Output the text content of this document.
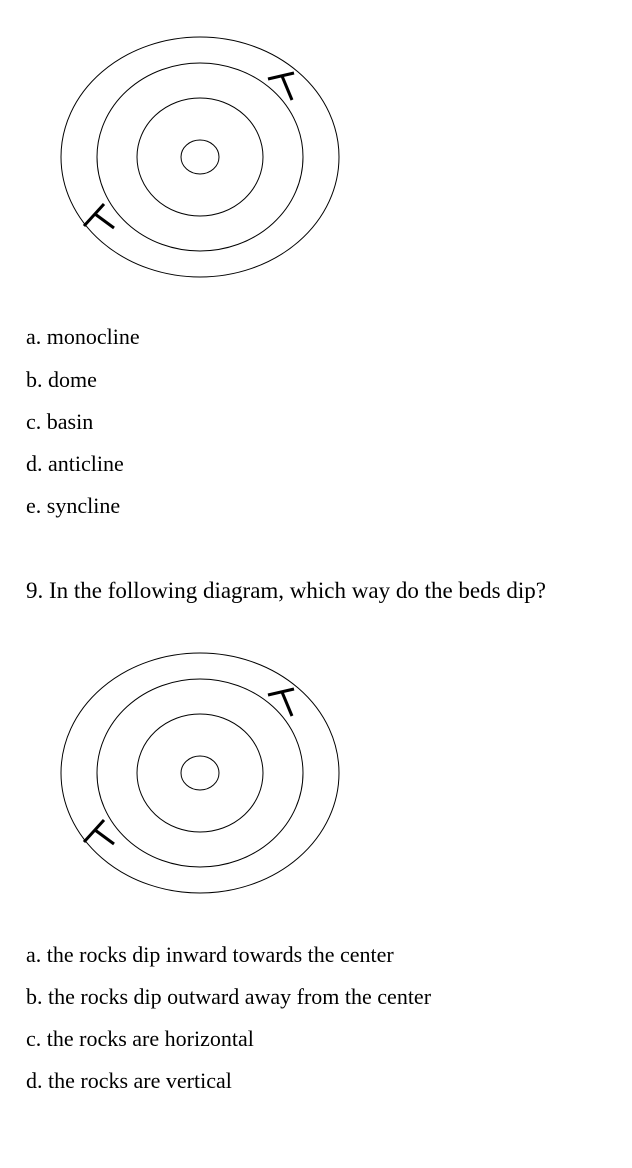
a. monocline
b. dome
c. basin
d. anticline
e. syncline
9. In the following diagram, which way do the beds dip?
a. the rocks dip inward towards the center
b. the rocks dip outward away from the center
c. the rocks are horizontal
d. the rocks are vertical
